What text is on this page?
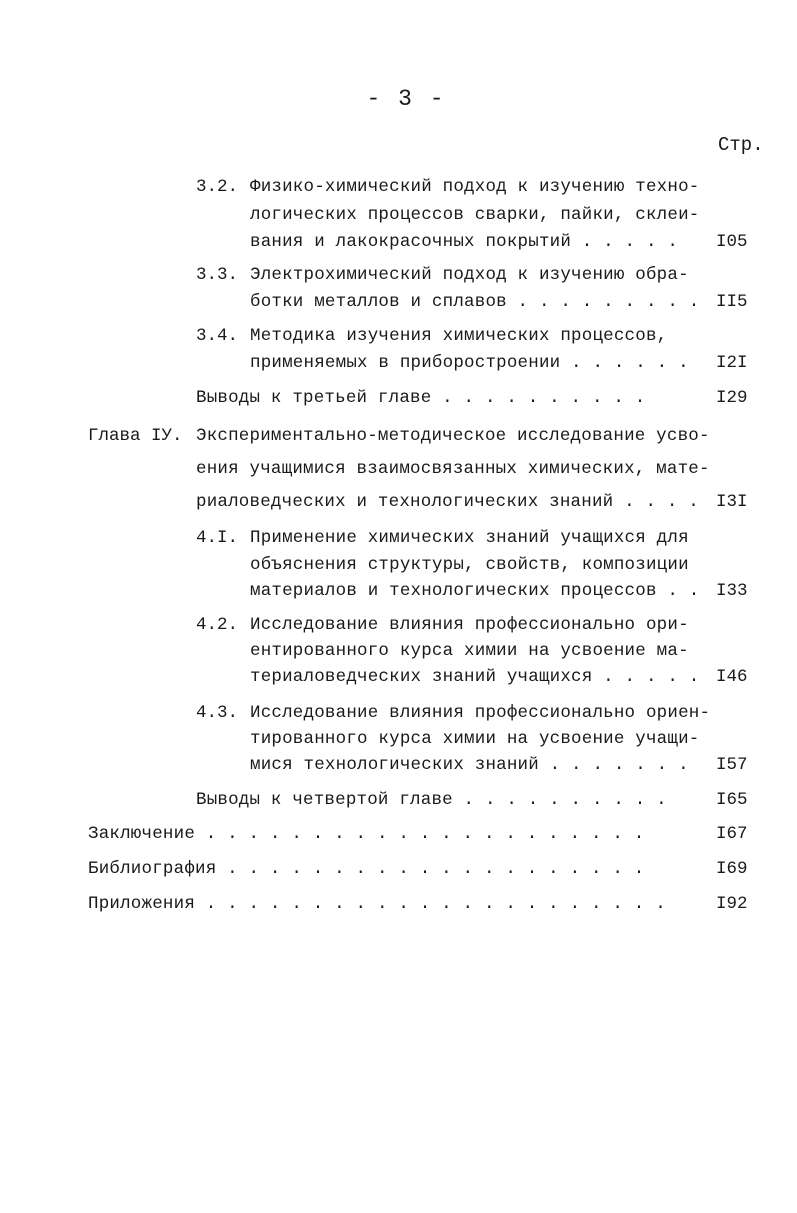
- 3 -
Стр.
3.2. Физико-химический подход к изучению техно-
логических процессов сварки, пайки, склеи-
вания и лакокрасочных покрытий . . . . . I05
3.3. Электрохимический подход к изучению обра-
ботки металлов и сплавов . . . . . . . . . II5
3.4. Методика изучения химических процессов,
применяемых в приборостроении . . . . . . I2I
Выводы к третьей главе . . . . . . . . . .	I29
Глава IУ. Экспериментально-методическое исследование усво-
ения учащимися взаимосвязанных химических, мате-
риаловедческих и технологических знаний . . . . I3I
4.I. Применение химических знаний учащихся для
объяснения структуры, свойств, композиции
материалов и технологических процессов . . I33
4.2. Исследование влияния профессионально ори-
ентированного курса химии на усвоение ма-
териаловедческих знаний учащихся . . . . . I46
4.3. Исследование влияния профессионально ориен-
тированного курса химии на усвоение учащи-
мися технологических знаний . . . . . . . I57
Выводы к четвертой главе . . . . . . . . . .	I65
Заключение . . . . . . . . . . . . . . . . . . . . .	I67
Библиография . . . . . . . . . . . . . . . . . . . .	I69
Приложения . . . . . . . . . . . . . . . . . . . . . .	I92
